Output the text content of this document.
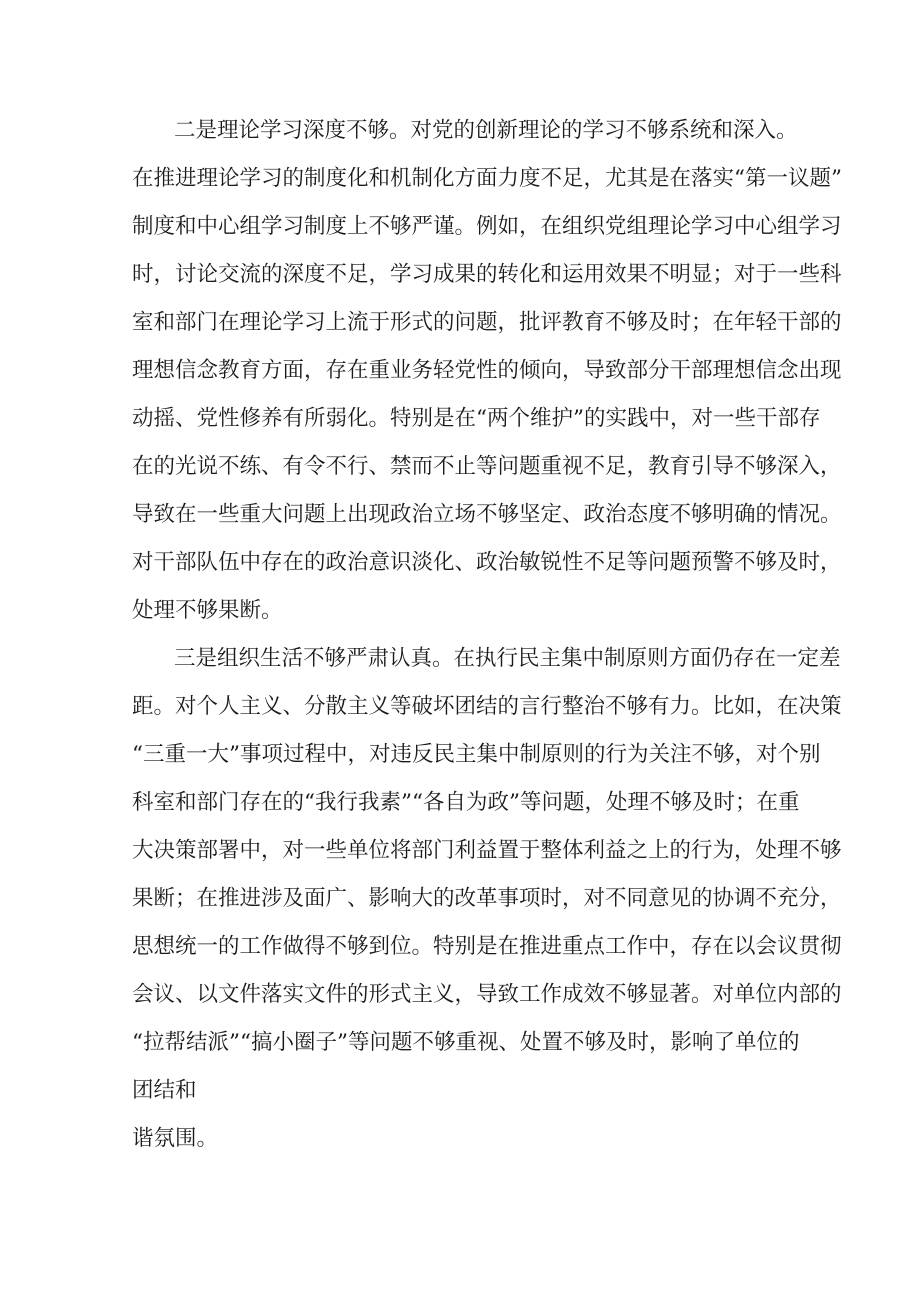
二是理论学习深度不够。对党的创新理论的学习不够系统和深入。
在推进理论学习的制度化和机制化方面力度不足，尤其是在落实“第一议题”
制度和中心组学习制度上不够严谨。例如，在组织党组理论学习中心组学习
时，讨论交流的深度不足，学习成果的转化和运用效果不明显；对于一些科
室和部门在理论学习上流于形式的问题，批评教育不够及时；在年轻干部的
理想信念教育方面，存在重业务轻党性的倾向，导致部分干部理想信念出现
动摇、党性修养有所弱化。特别是在“两个维护”的实践中，对一些干部存
在的光说不练、有令不行、禁而不止等问题重视不足，教育引导不够深入，
导致在一些重大问题上出现政治立场不够坚定、政治态度不够明确的情况。
对干部队伍中存在的政治意识淡化、政治敏锐性不足等问题预警不够及时，
处理不够果断。
三是组织生活不够严肃认真。在执行民主集中制原则方面仍存在一定差
距。对个人主义、分散主义等破坏团结的言行整治不够有力。比如，在决策
“三重一大”事项过程中，对违反民主集中制原则的行为关注不够，对个别
科室和部门存在的“我行我素”“各自为政”等问题，处理不够及时；在重
大决策部署中，对一些单位将部门利益置于整体利益之上的行为，处理不够
果断；在推进涉及面广、影响大的改革事项时，对不同意见的协调不充分，
思想统一的工作做得不够到位。特别是在推进重点工作中，存在以会议贯彻
会议、以文件落实文件的形式主义，导致工作成效不够显著。对单位内部的
“拉帮结派”“搞小圈子”等问题不够重视、处置不够及时，影响了单位的
团结和
谐氛围。
